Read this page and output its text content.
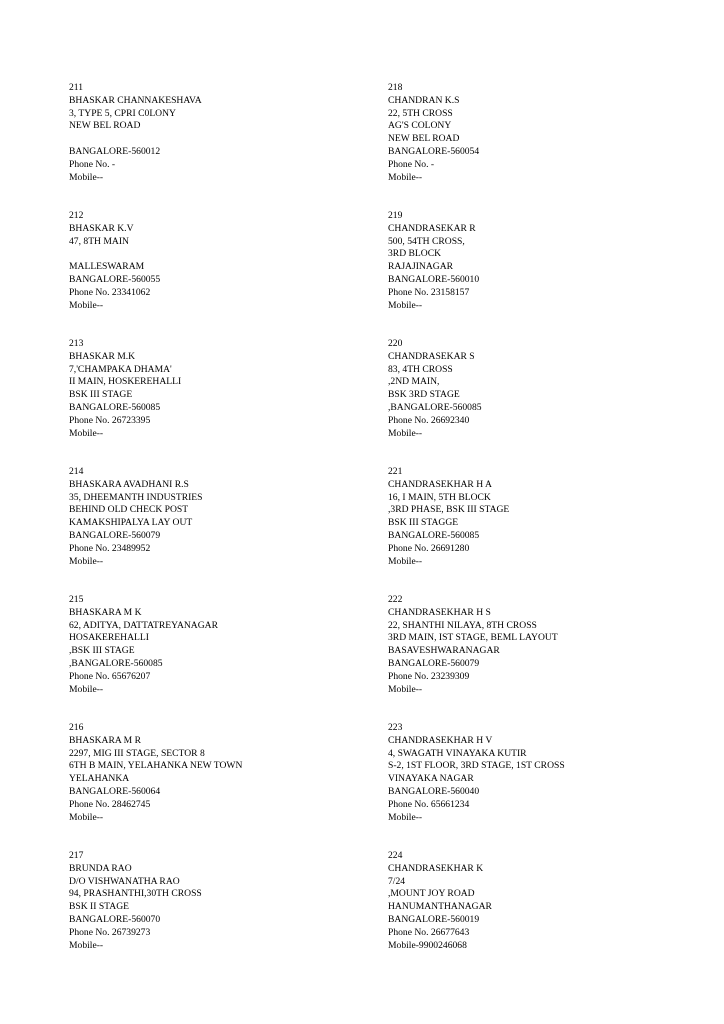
211
BHASKAR CHANNAKESHAVA
3, TYPE 5, CPRI C0LONY
NEW BEL ROAD
BANGALORE-560012
Phone No. -
Mobile--
212
BHASKAR K.V
47, 8TH MAIN
MALLESWARAM
BANGALORE-560055
Phone No. 23341062
Mobile--
213
BHASKAR M.K
7,'CHAMPAKA DHAMA'
II MAIN, HOSKEREHALLI
BSK III STAGE
BANGALORE-560085
Phone No. 26723395
Mobile--
214
BHASKARA AVADHANI R.S
35, DHEEMANTH INDUSTRIES
BEHIND OLD CHECK POST
KAMAKSHIPALYA LAY OUT
BANGALORE-560079
Phone No. 23489952
Mobile--
215
BHASKARA M K
62, ADITYA, DATTATREYANAGAR
HOSAKEREHALLI
,BSK III STAGE
,BANGALORE-560085
Phone No. 65676207
Mobile--
216
BHASKARA M R
2297, MIG III STAGE, SECTOR 8
6TH B MAIN, YELAHANKA NEW TOWN
YELAHANKA
BANGALORE-560064
Phone No. 28462745
Mobile--
217
BRUNDA RAO
D/O VISHWANATHA RAO
94, PRASHANTHI,30TH CROSS
BSK II STAGE
BANGALORE-560070
Phone No. 26739273
Mobile--
218
CHANDRAN K.S
22, 5TH CROSS
AG'S COLONY
NEW BEL ROAD
BANGALORE-560054
Phone No. -
Mobile--
219
CHANDRASEKAR R
500, 54TH CROSS,
3RD BLOCK
RAJAJINAGAR
BANGALORE-560010
Phone No. 23158157
Mobile--
220
CHANDRASEKAR S
83, 4TH CROSS
,2ND MAIN,
BSK 3RD STAGE
,BANGALORE-560085
Phone No. 26692340
Mobile--
221
CHANDRASEKHAR H A
16, I MAIN, 5TH BLOCK
,3RD PHASE, BSK III STAGE
BSK III STAGGE
BANGALORE-560085
Phone No. 26691280
Mobile--
222
CHANDRASEKHAR H S
22, SHANTHI NILAYA, 8TH CROSS
3RD MAIN, IST STAGE, BEML LAYOUT
BASAVESHWARANAGAR
BANGALORE-560079
Phone No. 23239309
Mobile--
223
CHANDRASEKHAR H V
4, SWAGATH VINAYAKA KUTIR
S-2, 1ST FLOOR, 3RD STAGE, 1ST CROSS
VINAYAKA NAGAR
BANGALORE-560040
Phone No. 65661234
Mobile--
224
CHANDRASEKHAR K
7/24
,MOUNT JOY ROAD
HANUMANTHANAGAR
BANGALORE-560019
Phone No. 26677643
Mobile-9900246068
